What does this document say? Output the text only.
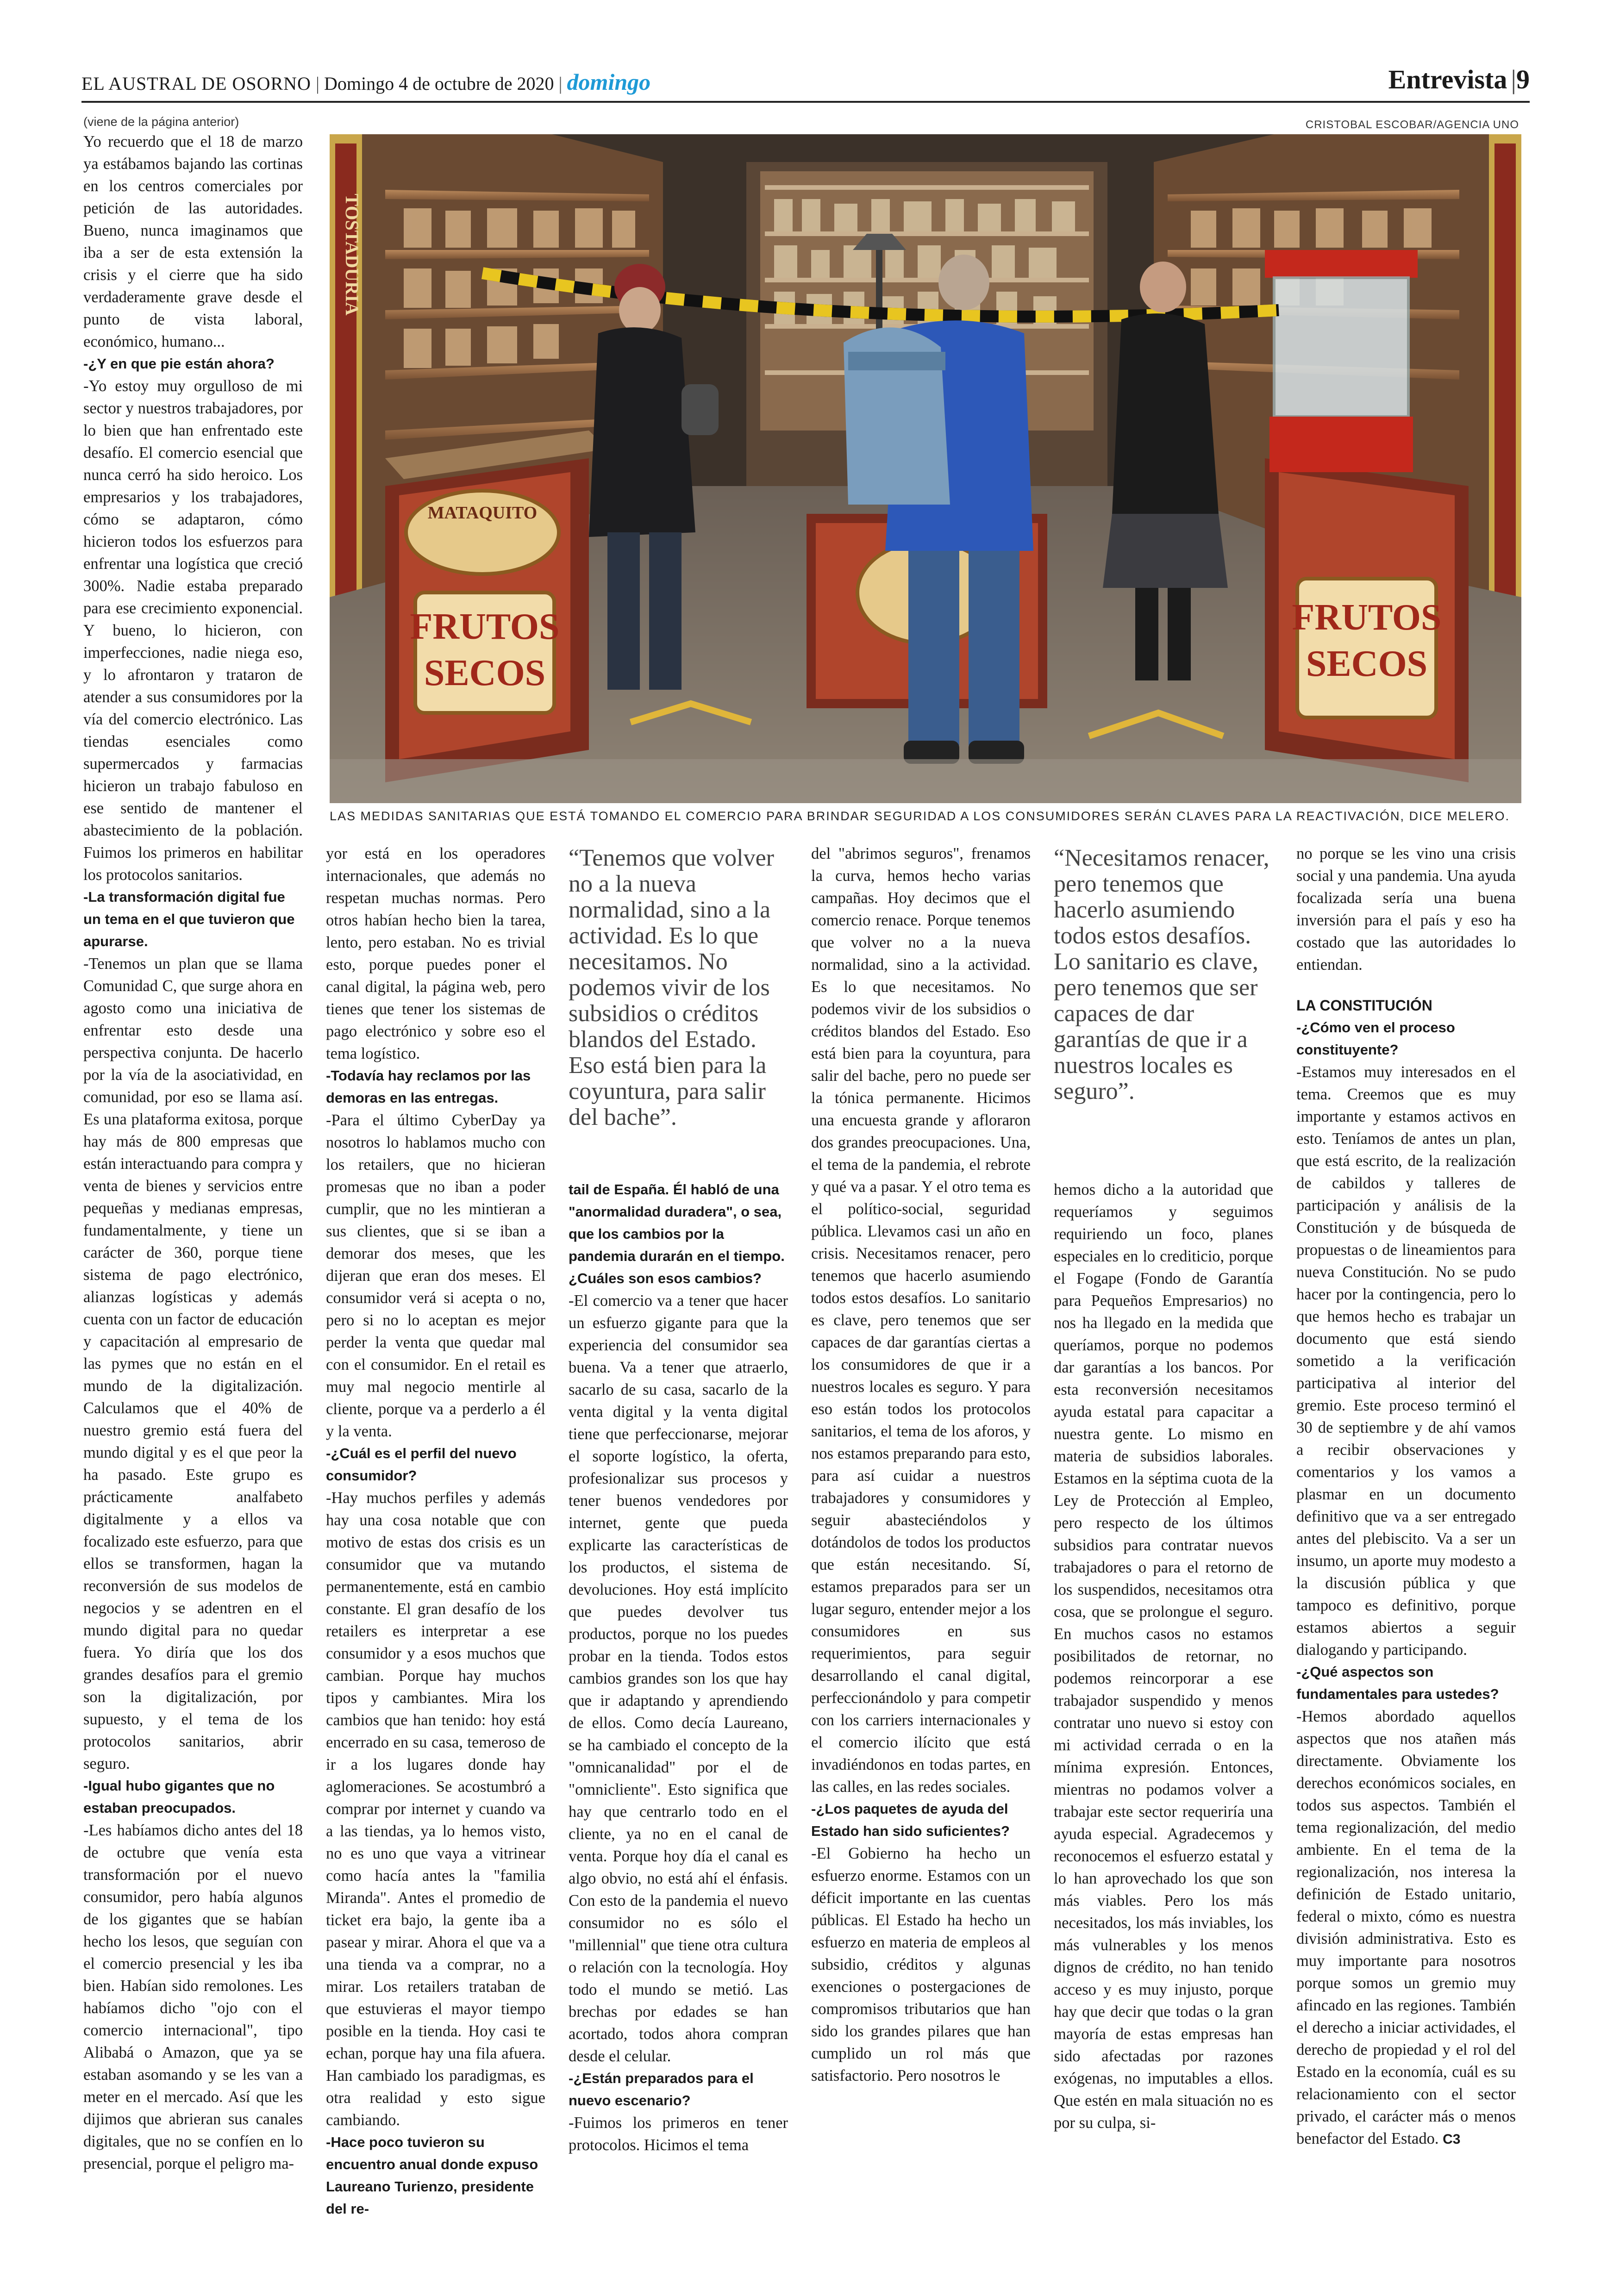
EL AUSTRAL DE OSORNO | Domingo 4 de octubre de 2020 | domingo	Entrevista |9
(viene de la página anterior)	CRISTOBAL ESCOBAR/AGENCIA UNO
TOSTADURIA
MATAQUITO
FRUTOS
SECOS
FRUTOS
SECOS
LAS MEDIDAS SANITARIAS QUE ESTÁ TOMANDO EL COMERCIO PARA BRINDAR SEGURIDAD A LOS CONSUMIDORES SERÁN CLAVES PARA LA REACTIVACIÓN, DICE MELERO.

Yo recuerdo que el 18 de marzo ya estábamos bajando las cortinas en los centros comerciales por petición de las autoridades. Bueno, nunca imaginamos que iba a ser de esta extensión la crisis y el cierre que ha sido verdaderamente grave desde el punto de vista laboral, económico, humano...

-¿Y en que pie están ahora?

-Yo estoy muy orgulloso de mi sector y nuestros trabajadores, por lo bien que han enfrentado este desafío. El comercio esencial que nunca cerró ha sido heroico. Los empresarios y los trabajadores, cómo se adaptaron, cómo hicieron todos los esfuerzos para enfrentar una logística que creció 300%. Nadie estaba preparado para ese crecimiento exponencial. Y bueno, lo hicieron, con imperfecciones, nadie niega eso, y lo afrontaron y trataron de atender a sus consumidores por la vía del comercio electrónico. Las tiendas esenciales como supermercados y farmacias hicieron un trabajo fabuloso en ese sentido de mantener el abastecimiento de la población. Fuimos los primeros en habilitar los protocolos sanitarios.

-La transformación digital fue un tema en el que tuvieron que apurarse.

-Tenemos un plan que se llama Comunidad C, que surge ahora en agosto como una iniciativa de enfrentar esto desde una perspectiva conjunta. De hacerlo por la vía de la asociatividad, en comunidad, por eso se llama así. Es una plataforma exitosa, porque hay más de 800 empresas que están interactuando para compra y venta de bienes y servicios entre pequeñas y medianas empresas, fundamentalmente, y tiene un carácter de 360, porque tiene sistema de pago electrónico, alianzas logísticas y además cuenta con un factor de educación y capacitación al empresario de las pymes que no están en el mundo de la digitalización. Calculamos que el 40% de nuestro gremio está fuera del mundo digital y es el que peor la ha pasado. Este grupo es prácticamente analfabeto digitalmente y a ellos va focalizado este esfuerzo, para que ellos se transformen, hagan la reconversión de sus modelos de negocios y se adentren en el mundo digital para no quedar fuera. Yo diría que los dos grandes desafíos para el gremio son la digitalización, por supuesto, y el tema de los protocolos sanitarios, abrir seguro.

-Igual hubo gigantes que no estaban preocupados.

-Les habíamos dicho antes del 18 de octubre que venía esta transformación por el nuevo consumidor, pero había algunos de los gigantes que se habían hecho los lesos, que seguían con el comercio presencial y les iba bien. Habían sido remolones. Les habíamos dicho "ojo con el comercio internacional", tipo Alibabá o Amazon, que ya se estaban asomando y se les van a meter en el mercado. Así que les dijimos que abrieran sus canales digitales, que no se confíen en lo presencial, porque el peligro ma-

yor está en los operadores internacionales, que además no respetan muchas normas. Pero otros habían hecho bien la tarea, lento, pero estaban. No es trivial esto, porque puedes poner el canal digital, la página web, pero tienes que tener los sistemas de pago electrónico y sobre eso el tema logístico.

-Todavía hay reclamos por las demoras en las entregas.

-Para el último CyberDay ya nosotros lo hablamos mucho con los retailers, que no hicieran promesas que no iban a poder cumplir, que no les mintieran a sus clientes, que si se iban a demorar dos meses, que les dijeran que eran dos meses. El consumidor verá si acepta o no, pero si no lo aceptan es mejor perder la venta que quedar mal con el consumidor. En el retail es muy mal negocio mentirle al cliente, porque va a perderlo a él y la venta.

-¿Cuál es el perfil del nuevo consumidor?

-Hay muchos perfiles y además hay una cosa notable que con motivo de estas dos crisis es un consumidor que va mutando permanentemente, está en cambio constante. El gran desafío de los retailers es interpretar a ese consumidor y a esos muchos que cambian. Porque hay muchos tipos y cambiantes. Mira los cambios que han tenido: hoy está encerrado en su casa, temeroso de ir a los lugares donde hay aglomeraciones. Se acostumbró a comprar por internet y cuando va a las tiendas, ya lo hemos visto, no es uno que vaya a vitrinear como hacía antes la "familia Miranda". Antes el promedio de ticket era bajo, la gente iba a pasear y mirar. Ahora el que va a una tienda va a comprar, no a mirar. Los retailers trataban de que estuvieras el mayor tiempo posible en la tienda. Hoy casi te echan, porque hay una fila afuera. Han cambiado los paradigmas, es otra realidad y esto sigue cambiando.

-Hace poco tuvieron su encuentro anual donde expuso Laureano Turienzo, presidente del re-

“Tenemos que volver no a la nueva normalidad, sino a la actividad. Es lo que necesitamos. No podemos vivir de los subsidios o créditos blandos del Estado. Eso está bien para la coyuntura, para salir del bache”.

tail de España. Él habló de una "anormalidad duradera", o sea, que los cambios por la pandemia durarán en el tiempo. ¿Cuáles son esos cambios?

-El comercio va a tener que hacer un esfuerzo gigante para que la experiencia del consumidor sea buena. Va a tener que atraerlo, sacarlo de su casa, sacarlo de la venta digital y la venta digital tiene que perfeccionarse, mejorar el soporte logístico, la oferta, profesionalizar sus procesos y tener buenos vendedores por internet, gente que pueda explicarte las características de los productos, el sistema de devoluciones. Hoy está implícito que puedes devolver tus productos, porque no los puedes probar en la tienda. Todos estos cambios grandes son los que hay que ir adaptando y aprendiendo de ellos. Como decía Laureano, se ha cambiado el concepto de la "omnicanalidad" por el de "omnicliente". Esto significa que hay que centrarlo todo en el cliente, ya no en el canal de venta. Porque hoy día el canal es algo obvio, no está ahí el énfasis. Con esto de la pandemia el nuevo consumidor no es sólo el "millennial" que tiene otra cultura o relación con la tecnología. Hoy todo el mundo se metió. Las brechas por edades se han acortado, todos ahora compran desde el celular.

-¿Están preparados para el nuevo escenario?

-Fuimos los primeros en tener protocolos. Hicimos el tema

del "abrimos seguros", frenamos la curva, hemos hecho varias campañas. Hoy decimos que el comercio renace. Porque tenemos que volver no a la nueva normalidad, sino a la actividad. Es lo que necesitamos. No podemos vivir de los subsidios o créditos blandos del Estado. Eso está bien para la coyuntura, para salir del bache, pero no puede ser la tónica permanente. Hicimos una encuesta grande y afloraron dos grandes preocupaciones. Una, el tema de la pandemia, el rebrote y qué va a pasar. Y el otro tema es el político-social, seguridad pública. Llevamos casi un año en crisis. Necesitamos renacer, pero tenemos que hacerlo asumiendo todos estos desafíos. Lo sanitario es clave, pero tenemos que ser capaces de dar garantías ciertas a los consumidores de que ir a nuestros locales es seguro. Y para eso están todos los protocolos sanitarios, el tema de los aforos, y nos estamos preparando para esto, para así cuidar a nuestros trabajadores y consumidores y seguir abasteciéndolos y dotándolos de todos los productos que están necesitando. Sí, estamos preparados para ser un lugar seguro, entender mejor a los consumidores en sus requerimientos, para seguir desarrollando el canal digital, perfeccionándolo y para competir con los carriers internacionales y el comercio ilícito que está invadiéndonos en todas partes, en las calles, en las redes sociales.

-¿Los paquetes de ayuda del Estado han sido suficientes?

-El Gobierno ha hecho un esfuerzo enorme. Estamos con un déficit importante en las cuentas públicas. El Estado ha hecho un esfuerzo en materia de empleos al subsidio, créditos y algunas exenciones o postergaciones de compromisos tributarios que han sido los grandes pilares que han cumplido un rol más que satisfactorio. Pero nosotros le

“Necesitamos renacer, pero tenemos que hacerlo asumiendo todos estos desafíos. Lo sanitario es clave, pero tenemos que ser capaces de dar garantías de que ir a nuestros locales es seguro”.

hemos dicho a la autoridad que requeríamos y seguimos requiriendo un foco, planes especiales en lo crediticio, porque el Fogape (Fondo de Garantía para Pequeños Empresarios) no nos ha llegado en la medida que queríamos, porque no podemos dar garantías a los bancos. Por esta reconversión necesitamos ayuda estatal para capacitar a nuestra gente. Lo mismo en materia de subsidios laborales. Estamos en la séptima cuota de la Ley de Protección al Empleo, pero respecto de los últimos subsidios para contratar nuevos trabajadores o para el retorno de los suspendidos, necesitamos otra cosa, que se prolongue el seguro. En muchos casos no estamos posibilitados de retornar, no podemos reincorporar a ese trabajador suspendido y menos contratar uno nuevo si estoy con mi actividad cerrada o en la mínima expresión. Entonces, mientras no podamos volver a trabajar este sector requeriría una ayuda especial. Agradecemos y reconocemos el esfuerzo estatal y lo han aprovechado los que son más viables. Pero los más necesitados, los más inviables, los más vulnerables y los menos dignos de crédito, no han tenido acceso y es muy injusto, porque hay que decir que todas o la gran mayoría de estas empresas han sido afectadas por razones exógenas, no imputables a ellos. Que estén en mala situación no es por su culpa, si-

no porque se les vino una crisis social y una pandemia. Una ayuda focalizada sería una buena inversión para el país y eso ha costado que las autoridades lo entiendan.

LA CONSTITUCIÓN

-¿Cómo ven el proceso constituyente?

-Estamos muy interesados en el tema. Creemos que es muy importante y estamos activos en esto. Teníamos de antes un plan, que está escrito, de la realización de cabildos y talleres de participación y análisis de la Constitución y de búsqueda de propuestas o de lineamientos para nueva Constitución. No se pudo hacer por la contingencia, pero lo que hemos hecho es trabajar un documento que está siendo sometido a la verificación participativa al interior del gremio. Este proceso terminó el 30 de septiembre y de ahí vamos a recibir observaciones y comentarios y los vamos a plasmar en un documento definitivo que va a ser entregado antes del plebiscito. Va a ser un insumo, un aporte muy modesto a la discusión pública y que tampoco es definitivo, porque estamos abiertos a seguir dialogando y participando.

-¿Qué aspectos son fundamentales para ustedes?

-Hemos abordado aquellos aspectos que nos atañen más directamente. Obviamente los derechos económicos sociales, en todos sus aspectos. También el tema regionalización, del medio ambiente. En el tema de la regionalización, nos interesa la definición de Estado unitario, federal o mixto, cómo es nuestra división administrativa. Esto es muy importante para nosotros porque somos un gremio muy afincado en las regiones. También el derecho a iniciar actividades, el derecho de propiedad y el rol del Estado en la economía, cuál es su relacionamiento con el sector privado, el carácter más o menos benefactor del Estado. C3
